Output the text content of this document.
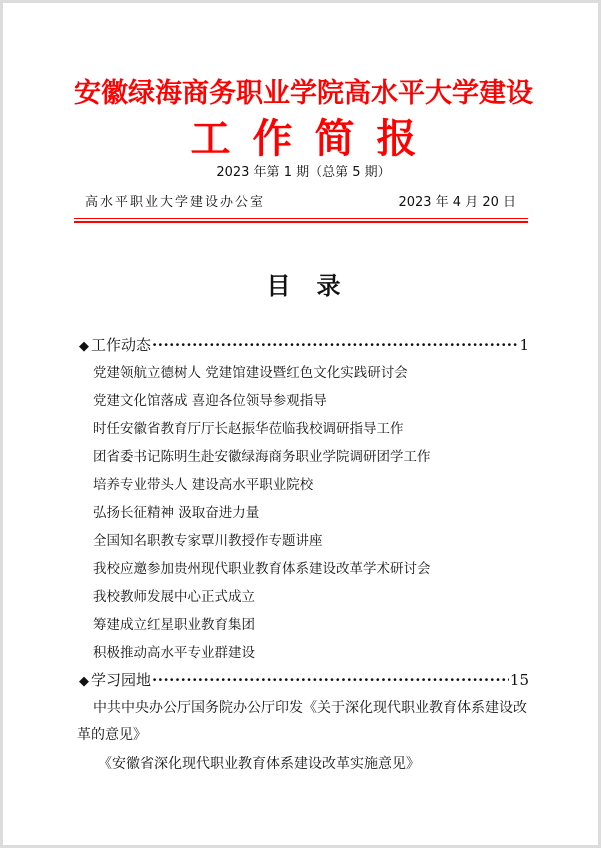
安徽绿海商务职业学院高水平大学建设
工作简报
2023 年第 1 期（总第 5 期）
高水平职业大学建设办公室	2023 年 4 月 20 日
目录
◆ 工作动态 ·····	1
党建领航立德树人 党建馆建设暨红色文化实践研讨会
党建文化馆落成 喜迎各位领导参观指导
时任安徽省教育厅厅长赵振华莅临我校调研指导工作
团省委书记陈明生赴安徽绿海商务职业学院调研团学工作
培养专业带头人 建设高水平职业院校
弘扬长征精神 汲取奋进力量
全国知名职教专家覃川教授作专题讲座
我校应邀参加贵州现代职业教育体系建设改革学术研讨会
我校教师发展中心正式成立
筹建成立红星职业教育集团
积极推动高水平专业群建设
◆ 学习园地 ·····	15
中共中央办公厅国务院办公厅印发《关于深化现代职业教育体系建设改
革的意见》
《安徽省深化现代职业教育体系建设改革实施意见》
